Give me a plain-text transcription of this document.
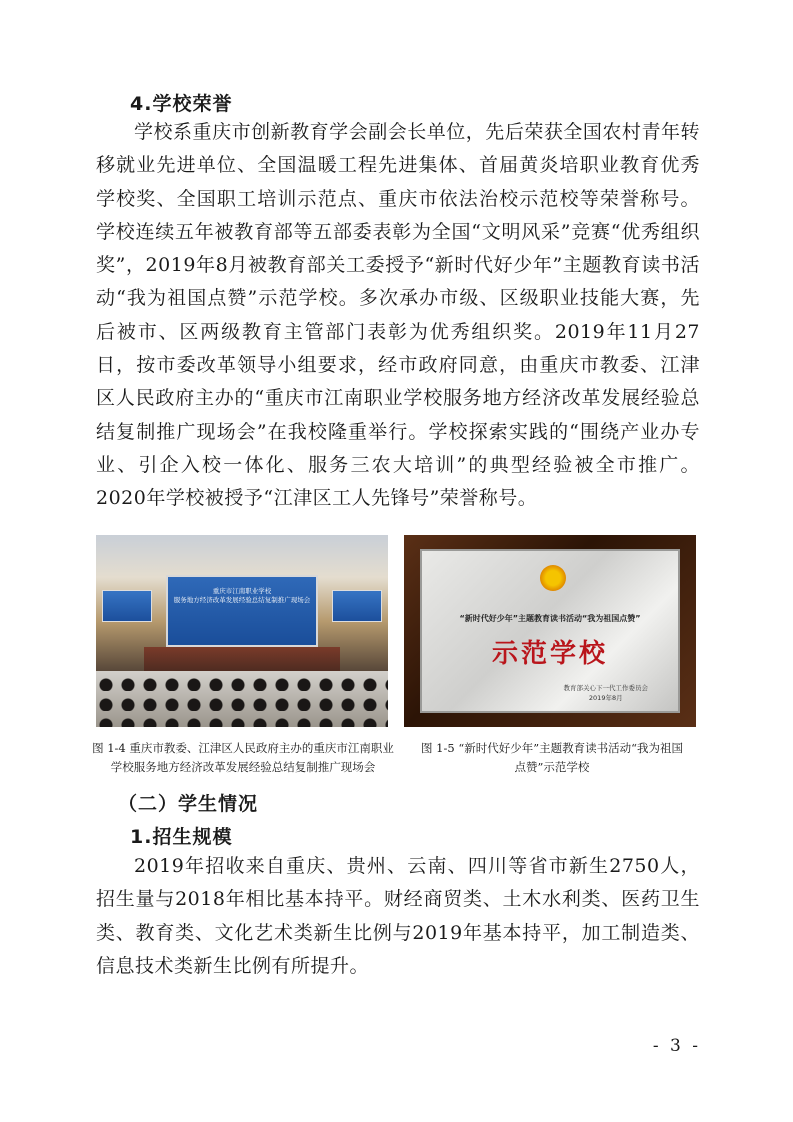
4.学校荣誉
学校系重庆市创新教育学会副会长单位，先后荣获全国农村青年转移就业先进单位、全国温暖工程先进集体、首届黄炎培职业教育优秀学校奖、全国职工培训示范点、重庆市依法治校示范校等荣誉称号。学校连续五年被教育部等五部委表彰为全国“文明风采”竞赛“优秀组织奖”，2019年8月被教育部关工委授予“新时代好少年”主题教育读书活动“我为祖国点赞”示范学校。多次承办市级、区级职业技能大赛，先后被市、区两级教育主管部门表彰为优秀组织奖。2019年11月27日，按市委改革领导小组要求，经市政府同意，由重庆市教委、江津区人民政府主办的“重庆市江南职业学校服务地方经济改革发展经验总结复制推广现场会”在我校隆重举行。学校探索实践的“围绕产业办专业、引企入校一体化、服务三农大培训”的典型经验被全市推广。2020年学校被授予“江津区工人先锋号”荣誉称号。
重庆市江南职业学校
服务地方经济改革发展经验总结复制推广现场会
“新时代好少年”主题教育读书活动“我为祖国点赞”
示范学校
教育部关心下一代工作委员会
2019年8月
图 1-4 重庆市教委、江津区人民政府主办的重庆市江南职业
学校服务地方经济改革发展经验总结复制推广现场会
图 1-5 “新时代好少年”主题教育读书活动“我为祖国
点赞”示范学校
（二）学生情况
1.招生规模
2019年招收来自重庆、贵州、云南、四川等省市新生2750人，招生量与2018年相比基本持平。财经商贸类、土木水利类、医药卫生类、教育类、文化艺术类新生比例与2019年基本持平，加工制造类、信息技术类新生比例有所提升。
- 3 -
